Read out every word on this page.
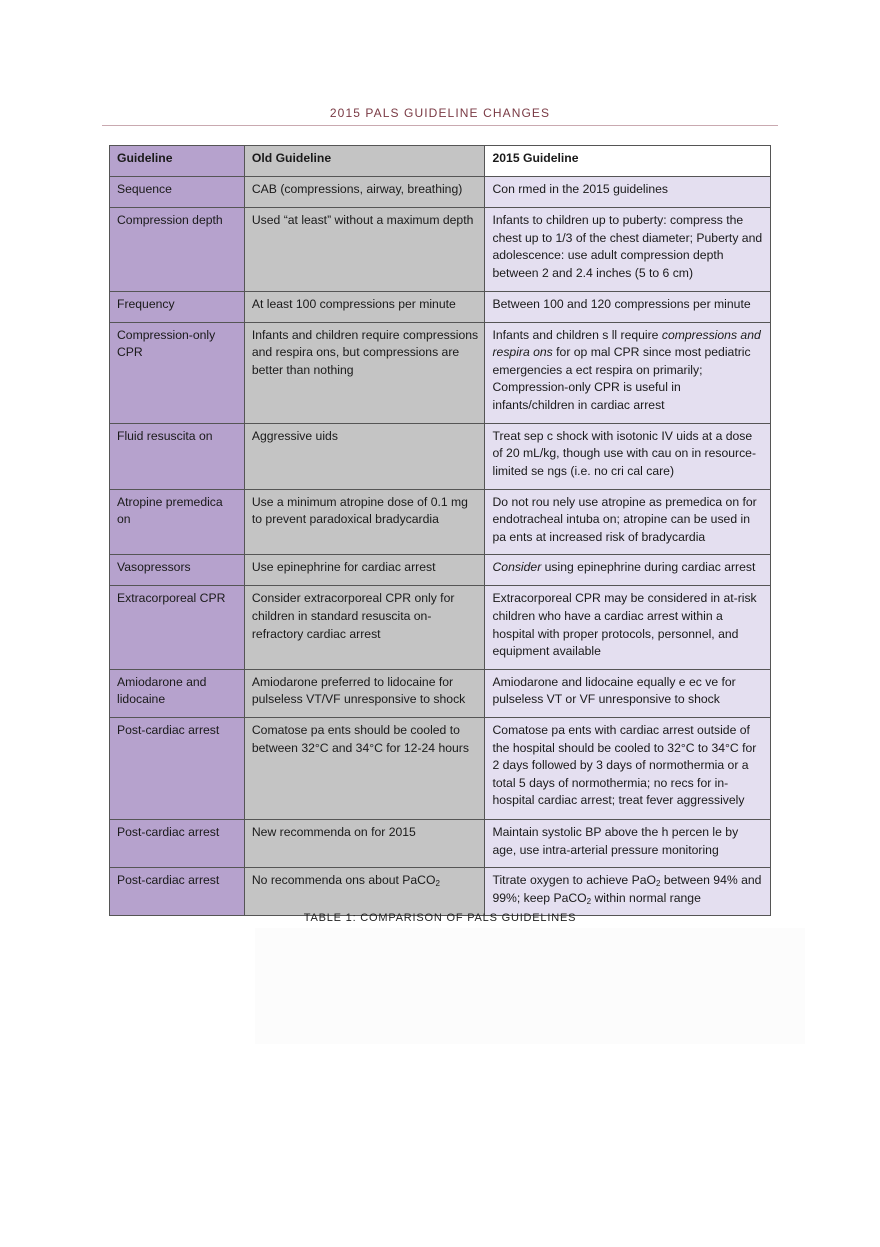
2015 PALS GUIDELINE CHANGES
Guideline	Old Guideline	2015 Guideline
Sequence	CAB (compressions, airway, breathing)	Con rmed in the 2015 guidelines
Compression depth	Used “at least” without a maximum depth	Infants to children up to puberty: compress the chest up to 1/3 of the chest diameter; Puberty and adolescence: use adult compression depth between 2 and 2.4 inches (5 to 6 cm)
Frequency	At least 100 compressions per minute	Between 100 and 120 compressions per minute
Compression-only CPR	Infants and children require compressions and respira ons, but compressions are better than nothing	Infants and children s ll require compressions and respira ons for op mal CPR since most pediatric emergencies a ect respira on primarily; Compression-only CPR is useful in infants/children in cardiac arrest
Fluid resuscita on	Aggressive uids	Treat sep c shock with isotonic IV uids at a dose of 20 mL/kg, though use with cau on in resource-limited se ngs (i.e. no cri cal care)
Atropine premedica on	Use a minimum atropine dose of 0.1 mg to prevent paradoxical bradycardia	Do not rou nely use atropine as premedica on for endotracheal intuba on; atropine can be used in pa ents at increased risk of bradycardia
Vasopressors	Use epinephrine for cardiac arrest	Consider using epinephrine during cardiac arrest
Extracorporeal CPR	Consider extracorporeal CPR only for children in standard resuscita on-refractory cardiac arrest	Extracorporeal CPR may be considered in at-risk children who have a cardiac arrest within a hospital with proper protocols, personnel, and equipment available
Amiodarone and lidocaine	Amiodarone preferred to lidocaine for pulseless VT/VF unresponsive to shock	Amiodarone and lidocaine equally e ec ve for pulseless VT or VF unresponsive to shock
Post-cardiac arrest	Comatose pa ents should be cooled to between 32°C and 34°C for 12-24 hours	Comatose pa ents with cardiac arrest outside of the hospital should be cooled to 32°C to 34°C for 2 days followed by 3 days of normothermia or a total 5 days of normothermia; no recs for in-hospital cardiac arrest; treat fever aggressively
Post-cardiac arrest	New recommenda on for 2015	Maintain systolic BP above the h percen le by age, use intra-arterial pressure monitoring
Post-cardiac arrest	No recommenda ons about PaCO$_2$	Titrate oxygen to achieve PaO$_2$ between 94% and 99%; keep PaCO$_2$ within normal range
TABLE 1: COMPARISON OF PALS GUIDELINES
